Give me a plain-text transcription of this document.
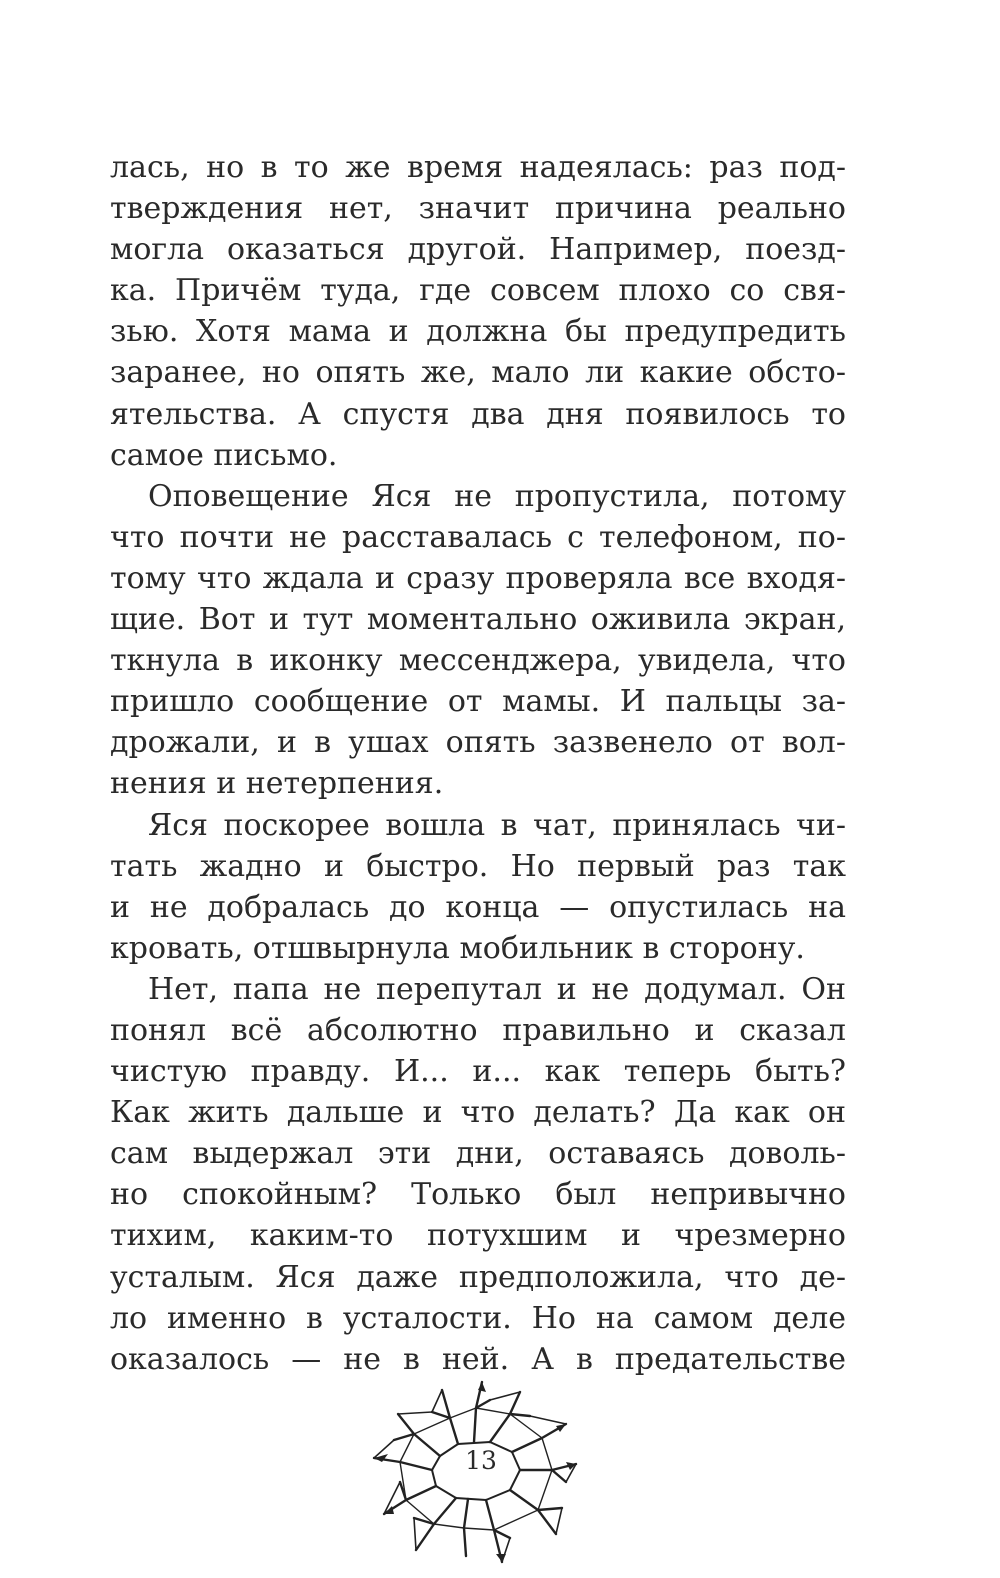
лась, но в то же время надеялась: раз под-
тверждения нет, значит причина реально
могла оказаться другой. Например, поезд-
ка. Причём туда, где совсем плохо со свя-
зью. Хотя мама и должна бы предупредить
заранее, но опять же, мало ли какие обсто-
ятельства. А спустя два дня появилось то
самое письмо.
Оповещение Яся не пропустила, потому
что почти не расставалась с телефоном, по-
тому что ждала и сразу проверяла все входя-
щие. Вот и тут моментально оживила экран,
ткнула в иконку мессенджера, увидела, что
пришло сообщение от мамы. И пальцы за-
дрожали, и в ушах опять зазвенело от вол-
нения и нетерпения.
Яся поскорее вошла в чат, принялась чи-
тать жадно и быстро. Но первый раз так
и не добралась до конца — опустилась на
кровать, отшвырнула мобильник в сторону.
Нет, папа не перепутал и не додумал. Он
понял всё абсолютно правильно и сказал
чистую правду. И... и... как теперь быть?
Как жить дальше и что делать? Да как он
сам выдержал эти дни, оставаясь доволь-
но спокойным? Только был непривычно
тихим, каким-то потухшим и чрезмерно
усталым. Яся даже предположила, что де-
ло именно в усталости. Но на самом деле
оказалось — не в ней. А в предательстве
13
